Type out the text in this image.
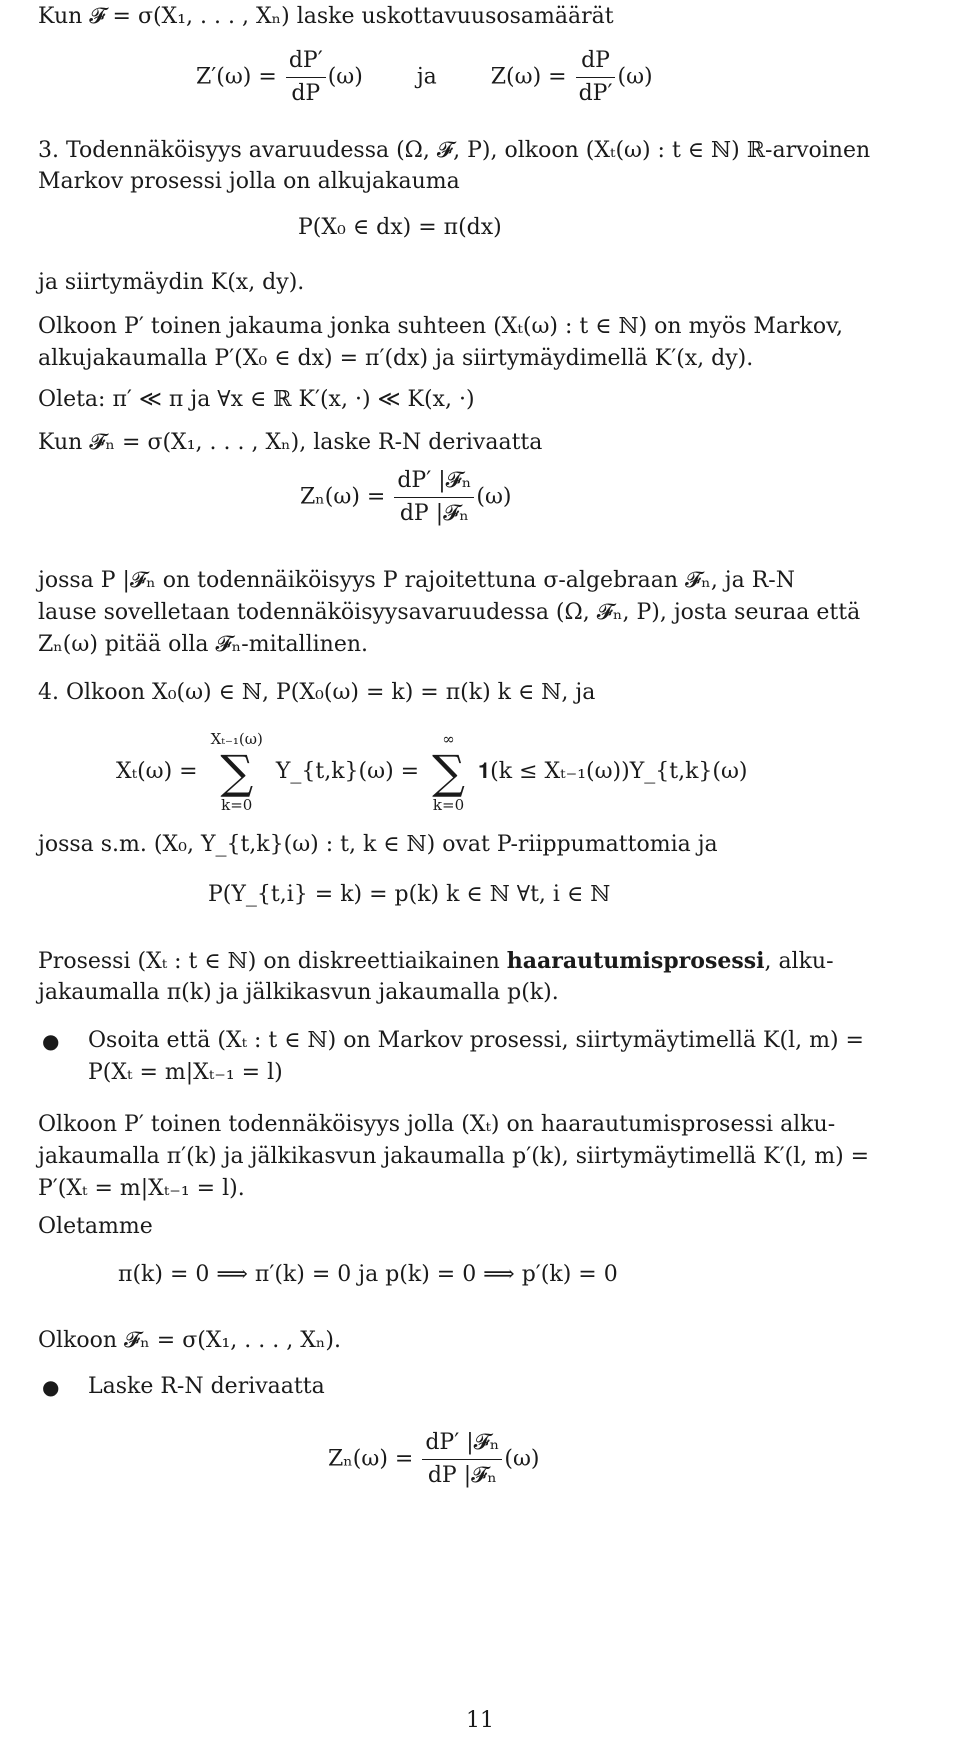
Kun 𝓕 = σ(X₁, . . . , Xₙ) laske uskottavuusosamäärät
$Z'(\omega) = \frac{dP'}{dP} (\omega)$ ja $Z(\omega) = \frac{dP}{dP'} (\omega)$
3. Todennäköisyys avaruudessa (Ω, 𝓕, P), olkoon (Xₜ(ω) : t ∈ ℕ) ℝ-arvoinen
Markov prosessi jolla on alkujakauma
P(X₀ ∈ dx) = π(dx)
ja siirtymäydin K(x, dy).
Olkoon P′ toinen jakauma jonka suhteen (Xₜ(ω) : t ∈ ℕ) on myös Markov,
alkujakaumalla P′(X₀ ∈ dx) = π′(dx) ja siirtymäydimellä K′(x, dy).
Oleta: π′ ≪ π ja ∀x ∈ ℝ K′(x, ·) ≪ K(x, ·)
Kun 𝓕ₙ = σ(X₁, . . . , Xₙ), laske R-N derivaatta
$Z_n(\omega) = \frac{\text{dP′ |𝓕ₙ}}{\text{dP |𝓕ₙ}} (\omega)$
jossa P |𝓕ₙ on todennäiköisyys P rajoitettuna σ-algebraan 𝓕ₙ, ja R-N
lause sovelletaan todennäköisyysavaruudessa (Ω, 𝓕ₙ, P), josta seuraa että
Zₙ(ω) pitää olla 𝓕ₙ-mitallinen.
4. Olkoon X₀(ω) ∈ ℕ, P(X₀(ω) = k) = π(k) k ∈ ℕ, ja
Xₜ(ω) =
Xₜ₋₁(ω)
∑
k=0
Y_{t,k}(ω) =
∞
∑
k=0
𝟏(k ≤ Xₜ₋₁(ω))Y_{t,k}(ω)
jossa s.m. (X₀, Y_{t,k}(ω) : t, k ∈ ℕ) ovat P-riippumattomia ja
P(Y_{t,i} = k) = p(k) k ∈ ℕ ∀t, i ∈ ℕ
Prosessi (Xₜ : t ∈ ℕ) on diskreettiaikainen haarautumisprosessi, alku-
jakaumalla π(k) ja jälkikasvun jakaumalla p(k).
● Osoita että (Xₜ : t ∈ ℕ) on Markov prosessi, siirtymäytimellä K(l, m) =
P(Xₜ = m|Xₜ₋₁ = l)
Olkoon P′ toinen todennäköisyys jolla (Xₜ) on haarautumisprosessi alku-
jakaumalla π′(k) ja jälkikasvun jakaumalla p′(k), siirtymäytimellä K′(l, m) =
P′(Xₜ = m|Xₜ₋₁ = l).
Oletamme
π(k) = 0 ⟹ π′(k) = 0 ja p(k) = 0 ⟹ p′(k) = 0
Olkoon 𝓕ₙ = σ(X₁, . . . , Xₙ).
● Laske R-N derivaatta
$Z_n(\omega) = \frac{\text{dP′ |𝓕ₙ}}{\text{dP |𝓕ₙ}} (\omega)$
11
